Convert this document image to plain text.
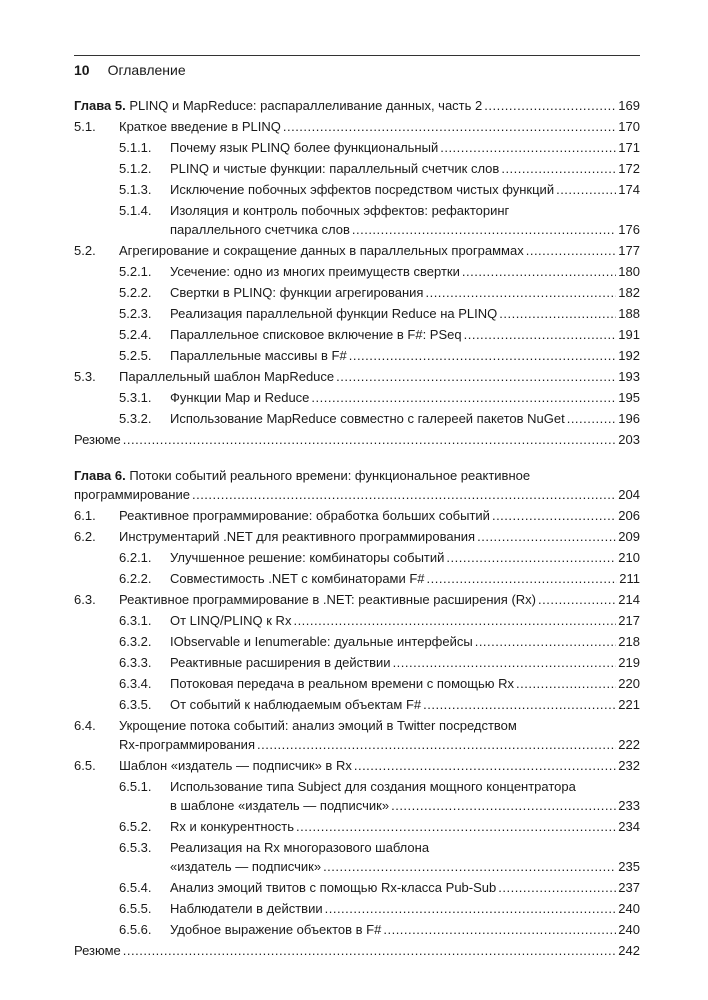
10 Оглавление
Глава 5. PLINQ и MapReduce: распараллеливание данных, часть 2 .....	169
5.1. Краткое введение в PLINQ .....	170
5.1.1. Почему язык PLINQ более функциональный .....	171
5.1.2. PLINQ и чистые функции: параллельный счетчик слов .....	172
5.1.3. Исключение побочных эффектов посредством чистых функций .....	174
5.1.4. Изоляция и контроль побочных эффектов: рефакторинг
параллельного счетчика слов .....	176
5.2. Агрегирование и сокращение данных в параллельных программах .....	177
5.2.1. Усечение: одно из многих преимуществ свертки .....	180
5.2.2. Свертки в PLINQ: функции агрегирования .....	182
5.2.3. Реализация параллельной функции Reduce на PLINQ .....	188
5.2.4. Параллельное списковое включение в F#: PSeq .....	191
5.2.5. Параллельные массивы в F# .....	192
5.3. Параллельный шаблон MapReduce .....	193
5.3.1. Функции Map и Reduce .....	195
5.3.2. Использование MapReduce совместно с галереей пакетов NuGet .....	196
Резюме .....	203
Глава 6. Потоки событий реального времени: функциональное реактивное
программирование .....	204
6.1. Реактивное программирование: обработка больших событий .....	206
6.2. Инструментарий .NET для реактивного программирования .....	209
6.2.1. Улучшенное решение: комбинаторы событий .....	210
6.2.2. Совместимость .NET с комбинаторами F# .....	211
6.3. Реактивное программирование в .NET: реактивные расширения (Rx) .....	214
6.3.1. От LINQ/PLINQ к Rx .....	217
6.3.2. IObservable и Ienumerable: дуальные интерфейсы .....	218
6.3.3. Реактивные расширения в действии .....	219
6.3.4. Потоковая передача в реальном времени с помощью Rx .....	220
6.3.5. От событий к наблюдаемым объектам F# .....	221
6.4. Укрощение потока событий: анализ эмоций в Twitter посредством
Rx-программирования .....	222
6.5. Шаблон «издатель — подписчик» в Rx .....	232
6.5.1. Использование типа Subject для создания мощного концентратора
в шаблоне «издатель — подписчик» .....	233
6.5.2. Rx и конкурентность .....	234
6.5.3. Реализация на Rx многоразового шаблона
«издатель — подписчик» .....	235
6.5.4. Анализ эмоций твитов с помощью Rx-класса Pub-Sub .....	237
6.5.5. Наблюдатели в действии .....	240
6.5.6. Удобное выражение объектов в F# .....	240
Резюме .....	242
